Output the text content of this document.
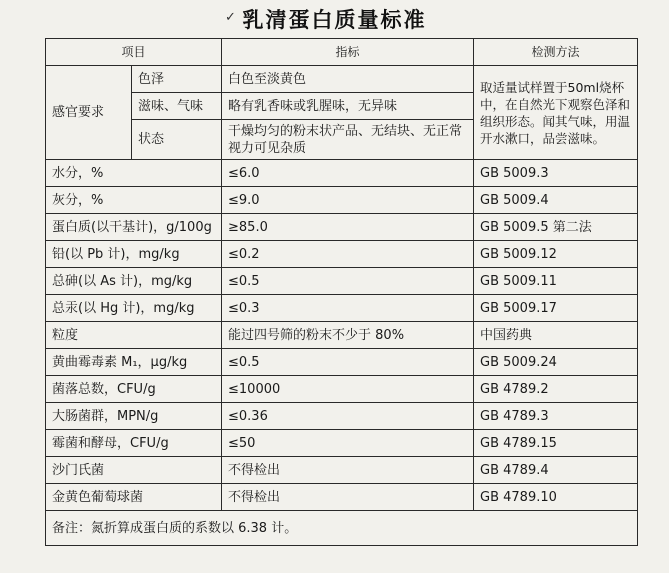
✓ 乳清蛋白质量标准
项目		指标	检测方法
感官要求	色泽	白色至淡黄色	取适量试样置于50ml烧杯中，在自然光下观察色泽和组织形态。闻其气味，用温开水漱口，品尝滋味。
	滋味、气味	略有乳香味或乳腥味，无异味	
	状态	干燥均匀的粉末状产品、无结块、无正常视力可见杂质	
水分，%		≤6.0	GB 5009.3
灰分，%		≤9.0	GB 5009.4
蛋白质(以干基计)，g/100g		≥85.0	GB 5009.5 第二法
铅(以 Pb 计)，mg/kg		≤0.2	GB 5009.12
总砷(以 As 计)，mg/kg		≤0.5	GB 5009.11
总汞(以 Hg 计)，mg/kg		≤0.3	GB 5009.17
粒度		能过四号筛的粉末不少于 80%	中国药典
黄曲霉毒素 M₁，μg/kg		≤0.5	GB 5009.24
菌落总数，CFU/g		≤10000	GB 4789.2
大肠菌群，MPN/g		≤0.36	GB 4789.3
霉菌和酵母，CFU/g		≤50	GB 4789.15
沙门氏菌		不得检出	GB 4789.4
金黄色葡萄球菌		不得检出	GB 4789.10
备注：氮折算成蛋白质的系数以 6.38 计。			
